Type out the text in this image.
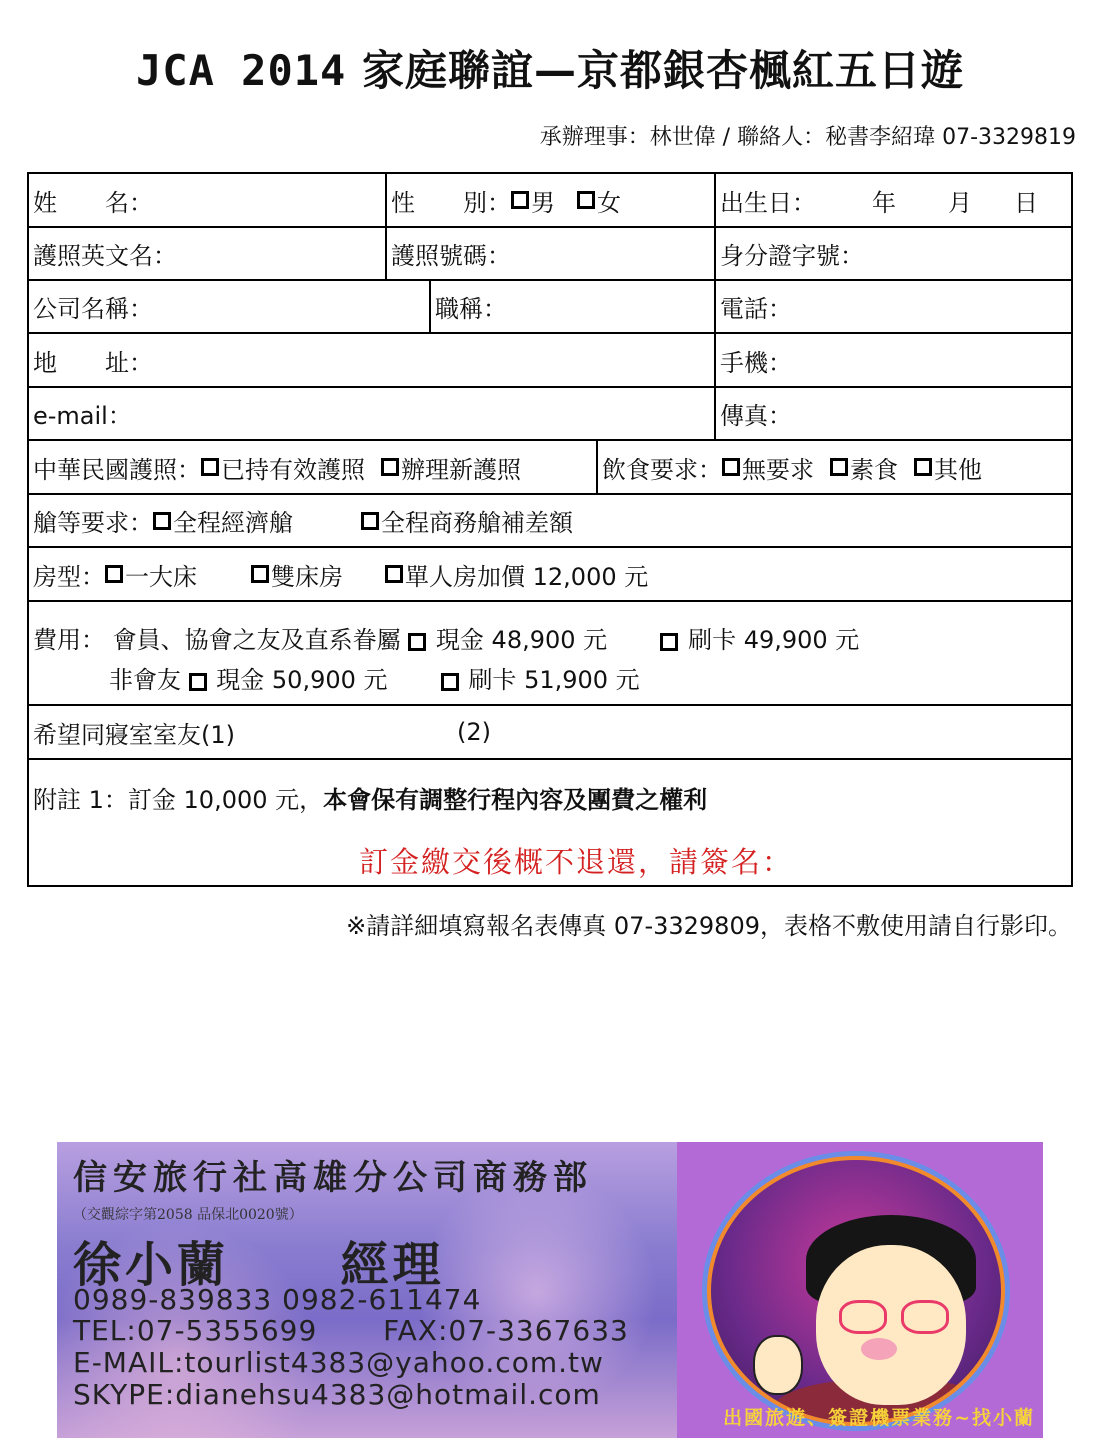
JCA 2014 家庭聯誼—京都銀杏楓紅五日遊
承辦理事：林世偉 / 聯絡人：秘書李紹瑋 07-3329819
姓　　名：	性　　別： 男 女	出生日： 年 月 日
護照英文名：	護照號碼：	身分證字號：
公司名稱：	職稱：	電話：
地　　址：	手機：
e-mail：	傳真：
中華民國護照： 已持有效護照 辦理新護照	飲食要求： 無要求 素食 其他
艙等要求： 全程經濟艙	全程商務艙補差額
房型： 一大床	雙床房	單人房加價 12,000 元
費用： 會員、協會之友及直系眷屬 現金 48,900 元	刷卡 49,900 元
非會友 現金 50,900 元	刷卡 51,900 元
希望同寢室室友(1)	(2)
附註 1：訂金 10,000 元，本會保有調整行程內容及團費之權利
訂金繳交後概不退還，請簽名：
※請詳細填寫報名表傳真 07-3329809，表格不敷使用請自行影印。
信安旅行社高雄分公司商務部
（交觀綜字第2058 品保北0020號）
徐小蘭 經理
0989-839833 0982-611474
TEL:07-5355699 FAX:07-3367633
E-MAIL:tourlist4383@yahoo.com.tw
SKYPE:dianehsu4383@hotmail.com
出國旅遊、簽證機票業務~找小蘭
